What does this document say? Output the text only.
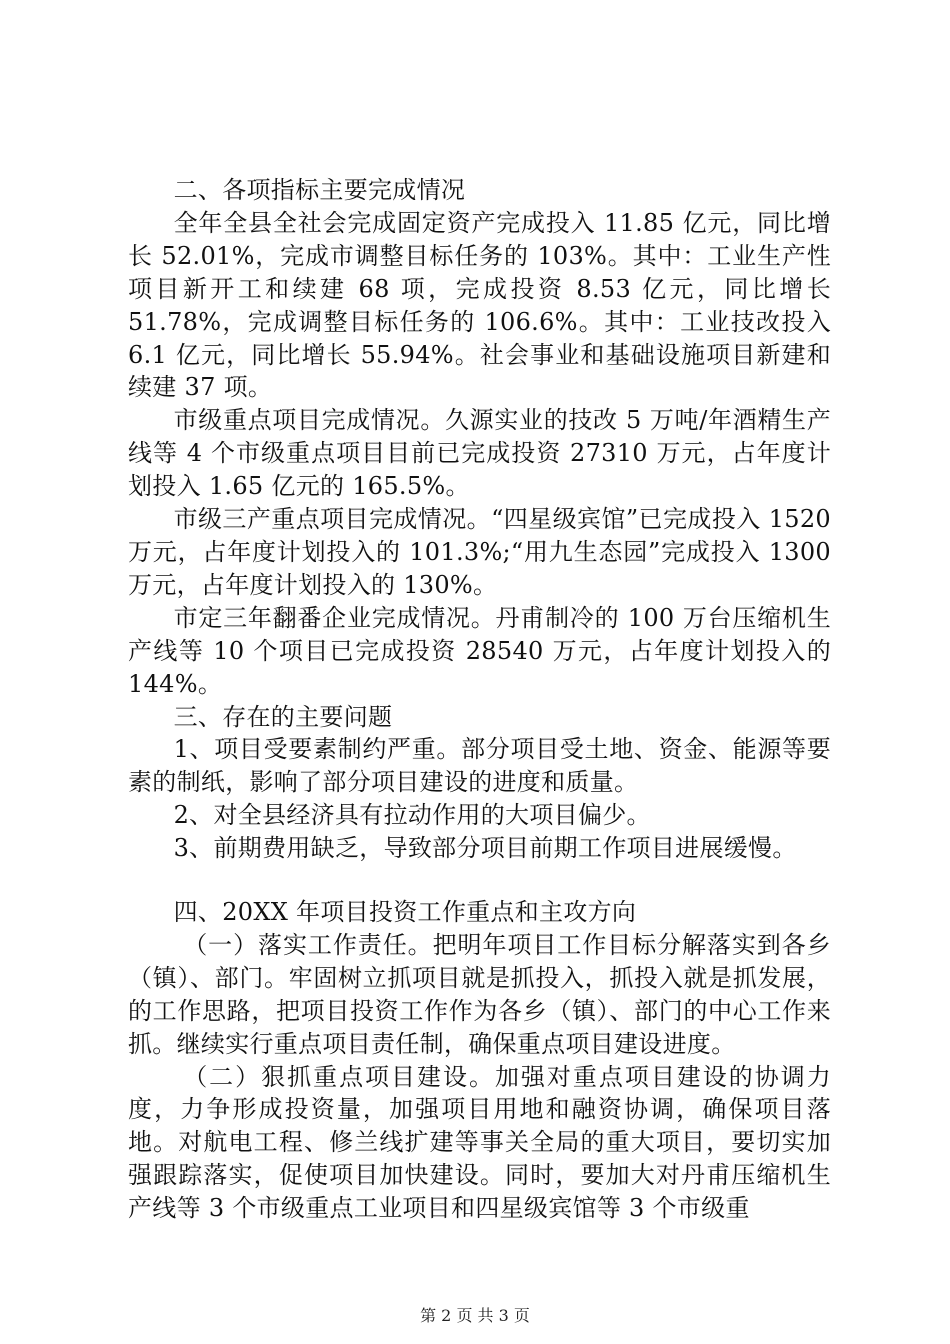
二、各项指标主要完成情况

全年全县全社会完成固定资产完成投入 11.85 亿元，同比增长 52.01%，完成市调整目标任务的 103%。其中：工业生产性项目新开工和续建 68 项，完成投资 8.53 亿元，同比增长 51.78%，完成调整目标任务的 106.6%。其中：工业技改投入 6.1 亿元，同比增长 55.94%。社会事业和基础设施项目新建和续建 37 项。

市级重点项目完成情况。久源实业的技改 5 万吨/年酒精生产线等 4 个市级重点项目目前已完成投资 27310 万元，占年度计划投入 1.65 亿元的 165.5%。

市级三产重点项目完成情况。“四星级宾馆”已完成投入 1520 万元，占年度计划投入的 101.3%;“用九生态园”完成投入 1300 万元，占年度计划投入的 130%。

市定三年翻番企业完成情况。丹甫制冷的 100 万台压缩机生产线等 10 个项目已完成投资 28540 万元，占年度计划投入的 144%。

三、存在的主要问题

1、项目受要素制约严重。部分项目受土地、资金、能源等要素的制纸，影响了部分项目建设的进度和质量。

2、对全县经济具有拉动作用的大项目偏少。

3、前期费用缺乏，导致部分项目前期工作项目进展缓慢。

四、20XX 年项目投资工作重点和主攻方向

（一）落实工作责任。把明年项目工作目标分解落实到各乡（镇）、部门。牢固树立抓项目就是抓投入，抓投入就是抓发展，的工作思路，把项目投资工作作为各乡（镇）、部门的中心工作来抓。继续实行重点项目责任制，确保重点项目建设进度。

（二）狠抓重点项目建设。加强对重点项目建设的协调力度，力争形成投资量，加强项目用地和融资协调，确保项目落地。对航电工程、修兰线扩建等事关全局的重大项目，要切实加强跟踪落实，促使项目加快建设。同时，要加大对丹甫压缩机生产线等 3 个市级重点工业项目和四星级宾馆等 3 个市级重

第 2 页 共 3 页
